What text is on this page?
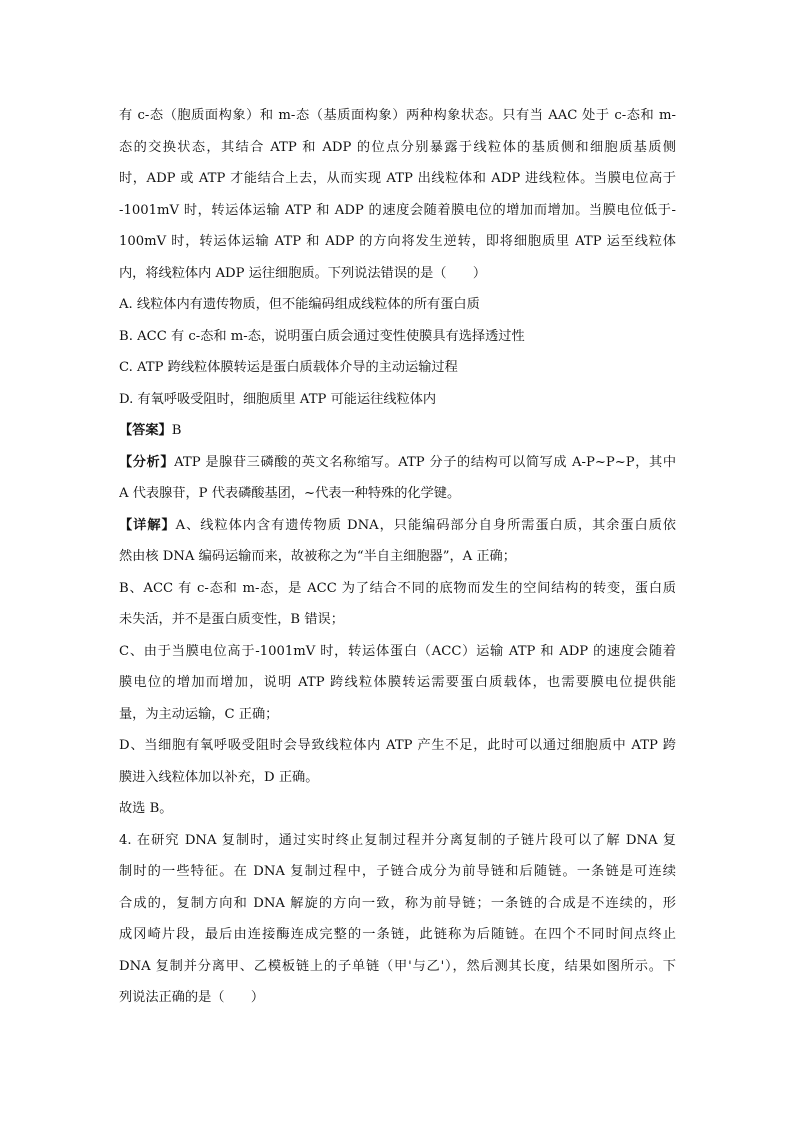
有 c-态（胞质面构象）和 m-态（基质面构象）两种构象状态。只有当 AAC 处于 c-态和 m-
态的交换状态，其结合 ATP 和 ADP 的位点分别暴露于线粒体的基质侧和细胞质基质侧
时，ADP 或 ATP 才能结合上去，从而实现 ATP 出线粒体和 ADP 进线粒体。当膜电位高于
-1001mV 时，转运体运输 ATP 和 ADP 的速度会随着膜电位的增加而增加。当膜电位低于-
100mV 时，转运体运输 ATP 和 ADP 的方向将发生逆转，即将细胞质里 ATP 运至线粒体
内，将线粒体内 ADP 运往细胞质。下列说法错误的是（　　）
A. 线粒体内有遗传物质，但不能编码组成线粒体的所有蛋白质
B. ACC 有 c-态和 m-态，说明蛋白质会通过变性使膜具有选择透过性
C. ATP 跨线粒体膜转运是蛋白质载体介导的主动运输过程
D. 有氧呼吸受阻时，细胞质里 ATP 可能运往线粒体内
【答案】B
【分析】ATP 是腺苷三磷酸的英文名称缩写。ATP 分子的结构可以简写成 A-P~P~P，其中
A 代表腺苷，P 代表磷酸基团，~代表一种特殊的化学键。
【详解】A、线粒体内含有遗传物质 DNA，只能编码部分自身所需蛋白质，其余蛋白质依
然由核 DNA 编码运输而来，故被称之为“半自主细胞器”，A 正确；
B、ACC 有 c-态和 m-态，是 ACC 为了结合不同的底物而发生的空间结构的转变，蛋白质
未失活，并不是蛋白质变性，B 错误；
C、由于当膜电位高于-1001mV 时，转运体蛋白（ACC）运输 ATP 和 ADP 的速度会随着
膜电位的增加而增加，说明 ATP 跨线粒体膜转运需要蛋白质载体，也需要膜电位提供能
量，为主动运输，C 正确；
D、当细胞有氧呼吸受阻时会导致线粒体内 ATP 产生不足，此时可以通过细胞质中 ATP 跨
膜进入线粒体加以补充，D 正确。
故选 B。
4. 在研究 DNA 复制时，通过实时终止复制过程并分离复制的子链片段可以了解 DNA 复
制时的一些特征。在 DNA 复制过程中，子链合成分为前导链和后随链。一条链是可连续
合成的，复制方向和 DNA 解旋的方向一致，称为前导链；一条链的合成是不连续的，形
成冈崎片段，最后由连接酶连成完整的一条链，此链称为后随链。在四个不同时间点终止
DNA 复制并分离甲、乙模板链上的子单链（甲'与乙'），然后测其长度，结果如图所示。下
列说法正确的是（　　）
